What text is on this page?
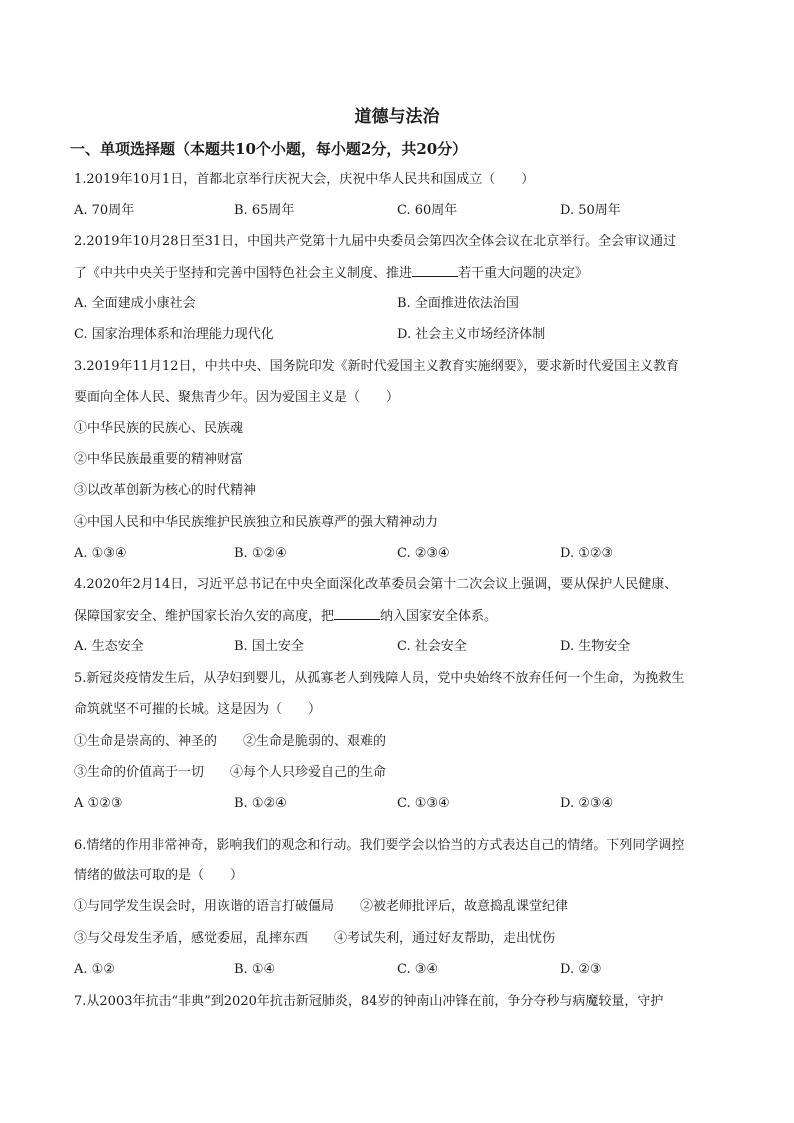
道德与法治
一、单项选择题（本题共10个小题，每小题2分，共20分）
1.2019年10月1日，首都北京举行庆祝大会，庆祝中华人民共和国成立（　　）
A. 70周年	B. 65周年	C. 60周年	D. 50周年
2.2019年10月28日至31日，中国共产党第十九届中央委员会第四次全体会议在北京举行。全会审议通过
了《中共中央关于坚持和完善中国特色社会主义制度、推进	若干重大问题的决定》
A. 全面建成小康社会	B. 全面推进依法治国
C. 国家治理体系和治理能力现代化	D. 社会主义市场经济体制
3.2019年11月12日，中共中央、国务院印发《新时代爱国主义教育实施纲要》，要求新时代爱国主义教育
要面向全体人民、聚焦青少年。因为爱国主义是（　　）
①中华民族的民族心、民族魂
②中华民族最重要的精神财富
③以改革创新为核心的时代精神
④中国人民和中华民族维护民族独立和民族尊严的强大精神动力
A. ①③④	B. ①②④	C. ②③④	D. ①②③
4.2020年2月14日，习近平总书记在中央全面深化改革委员会第十二次会议上强调，要从保护人民健康、
保障国家安全、维护国家长治久安的高度，把	纳入国家安全体系。
A. 生态安全	B. 国土安全	C. 社会安全	D. 生物安全
5.新冠炎疫情发生后，从孕妇到婴儿，从孤寡老人到残障人员，党中央始终不放弃任何一个生命，为挽救生
命筑就坚不可摧的长城。这是因为（　　）
①生命是崇高的、神圣的　　②生命是脆弱的、艰难的
③生命的价值高于一切　　④每个人只珍爱自己的生命
A ①②③	B. ①②④	C. ①③④	D. ②③④
6.情绪的作用非常神奇，影响我们的观念和行动。我们要学会以恰当的方式表达自己的情绪。下列同学调控
情绪的做法可取的是（　　）
①与同学发生误会时，用诙谐的语言打破僵局　　②被老师批评后，故意捣乱课堂纪律
③与父母发生矛盾，感觉委屈，乱摔东西　　④考试失利，通过好友帮助，走出忧伤
A. ①②	B. ①④	C. ③④	D. ②③
7.从2003年抗击“非典”到2020年抗击新冠肺炎，84岁的钟南山冲锋在前，争分夺秒与病魔较量，守护
